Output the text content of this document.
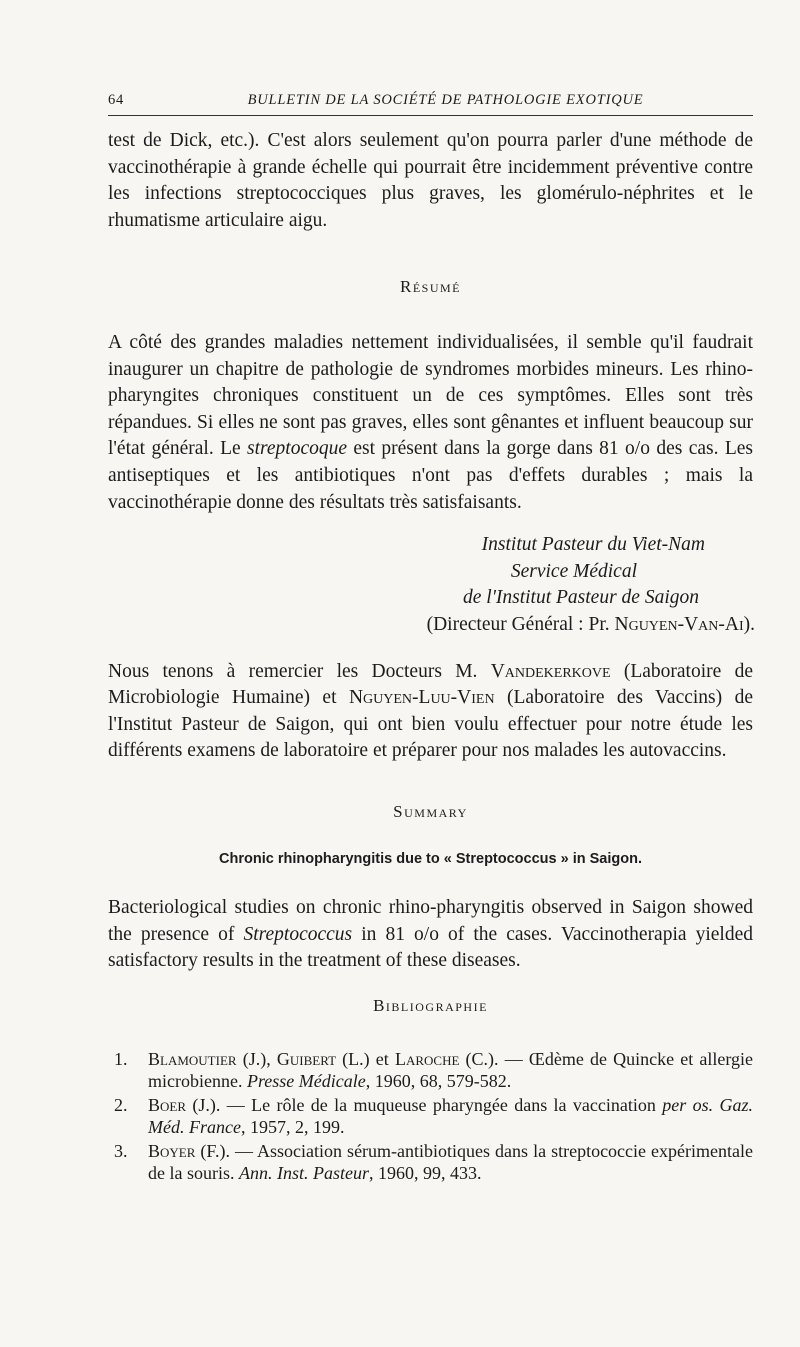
64	BULLETIN DE LA SOCIÉTÉ DE PATHOLOGIE EXOTIQUE

test de Dick, etc.). C'est alors seulement qu'on pourra parler d'une méthode de vaccinothérapie à grande échelle qui pourrait être incidemment préventive contre les infections streptococciques plus graves, les glomérulo-néphrites et le rhumatisme articulaire aigu.

Résumé

A côté des grandes maladies nettement individualisées, il semble qu'il faudrait inaugurer un chapitre de pathologie de syndromes morbides mineurs. Les rhino-pharyngites chroniques constituent un de ces symptômes. Elles sont très répandues. Si elles ne sont pas graves, elles sont gênantes et influent beaucoup sur l'état général. Le streptocoque est présent dans la gorge dans 81 o/o des cas. Les antiseptiques et les antibiotiques n'ont pas d'effets durables ; mais la vaccinothérapie donne des résultats très satisfaisants.

Institut Pasteur du Viet-Nam
Service Médical
de l'Institut Pasteur de Saigon
(Directeur Général : Pr. Nguyen-Van-Ai).

Nous tenons à remercier les Docteurs M. Vandekerkove (Laboratoire de Microbiologie Humaine) et Nguyen-Luu-Vien (Laboratoire des Vaccins) de l'Institut Pasteur de Saigon, qui ont bien voulu effectuer pour notre étude les différents examens de laboratoire et préparer pour nos malades les autovaccins.

Summary
Chronic rhinopharyngitis due to « Streptococcus » in Saigon.

Bacteriological studies on chronic rhino-pharyngitis observed in Saigon showed the presence of Streptococcus in 81 o/o of the cases. Vaccinotherapia yielded satisfactory results in the treatment of these diseases.

Bibliographie
1.	Blamoutier (J.), Guibert (L.) et Laroche (C.). — Œdème de Quincke et allergie microbienne. Presse Médicale, 1960, 68, 579-582.
2.	Boer (J.). — Le rôle de la muqueuse pharyngée dans la vaccination per os. Gaz. Méd. France, 1957, 2, 199.
3.	Boyer (F.). — Association sérum-antibiotiques dans la streptococcie expérimentale de la souris. Ann. Inst. Pasteur, 1960, 99, 433.
